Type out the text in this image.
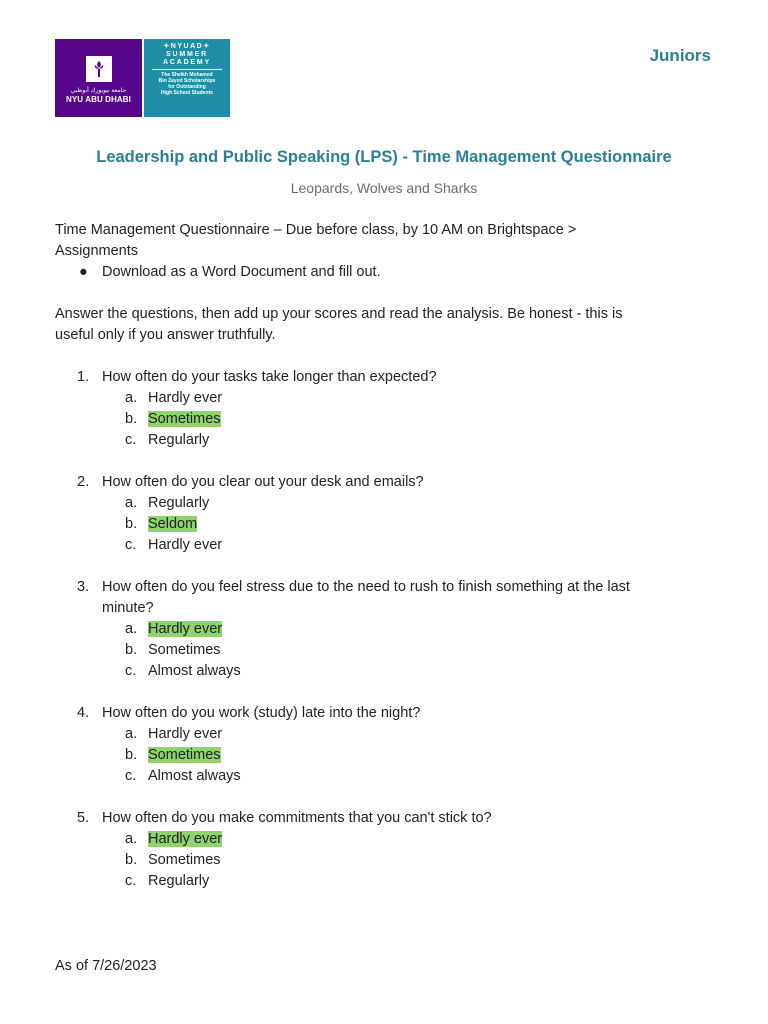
جامعة نيويورك أبوظبي
NYU ABU DHABI
✦NYUAD✦
SUMMER
ACADEMY
The Sheikh Mohamed
Bin Zayed Scholarships
for Outstanding
High School Students
Juniors
Leadership and Public Speaking (LPS) - Time Management Questionnaire
Leopards, Wolves and Sharks

Time Management Questionnaire – Due before class, by 10 AM on Brightspace >

Assignments

● Download as a Word Document and fill out.

Answer the questions, then add up your scores and read the analysis. Be honest - this is

useful only if you answer truthfully.

1. How often do your tasks take longer than expected?
a. Hardly ever
b. Sometimes
c. Regularly
2. How often do you clear out your desk and emails?
a. Regularly
b. Seldom
c. Hardly ever
3. How often do you feel stress due to the need to rush to finish something at the last
minute?
a. Hardly ever
b. Sometimes
c. Almost always
4. How often do you work (study) late into the night?
a. Hardly ever
b. Sometimes
c. Almost always
5. How often do you make commitments that you can't stick to?
a. Hardly ever
b. Sometimes
c. Regularly
As of 7/26/2023
